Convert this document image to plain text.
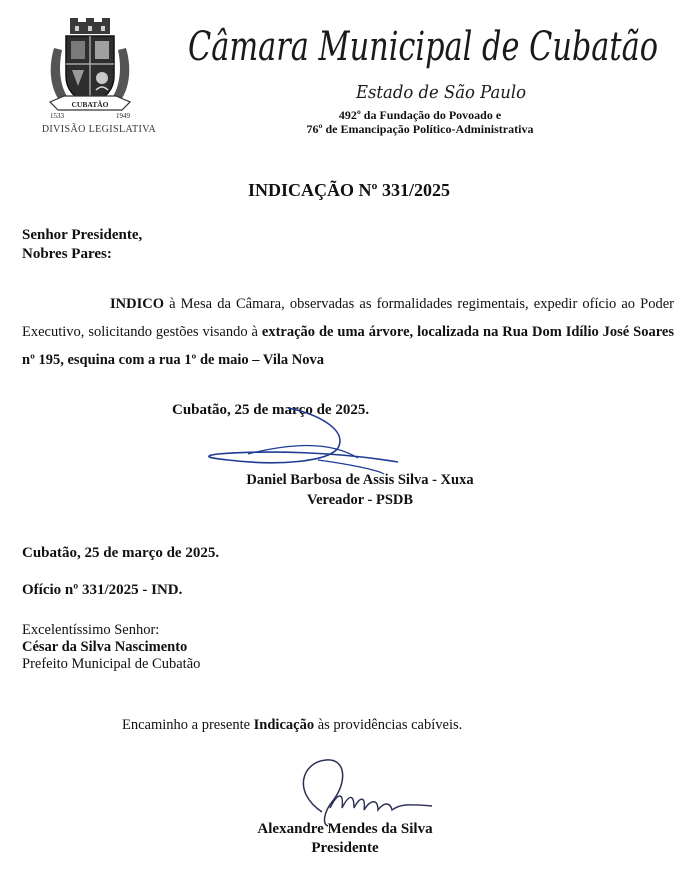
CUBATÃO
1533	1949
DIVISÃO LEGISLATIVA
Câmara Municipal de Cubatão
Estado de São Paulo
492º da Fundação do Povoado e
76º de Emancipação Político-Administrativa
INDICAÇÃO Nº 331/2025
Senhor Presidente,
Nobres Pares:
INDICO à Mesa da Câmara, observadas as formalidades regimentais, expedir ofício ao Poder Executivo, solicitando gestões visando à extração de uma árvore, localizada na Rua Dom Idílio José Soares nº 195, esquina com a rua 1º de maio – Vila Nova
Cubatão, 25 de março de 2025.
Daniel Barbosa de Assis Silva - Xuxa
Vereador - PSDB
Cubatão, 25 de março de 2025.
Ofício nº 331/2025 - IND.
Excelentíssimo Senhor:
César da Silva Nascimento
Prefeito Municipal de Cubatão
Encaminho a presente Indicação às providências cabíveis.
Alexandre Mendes da Silva
Presidente
